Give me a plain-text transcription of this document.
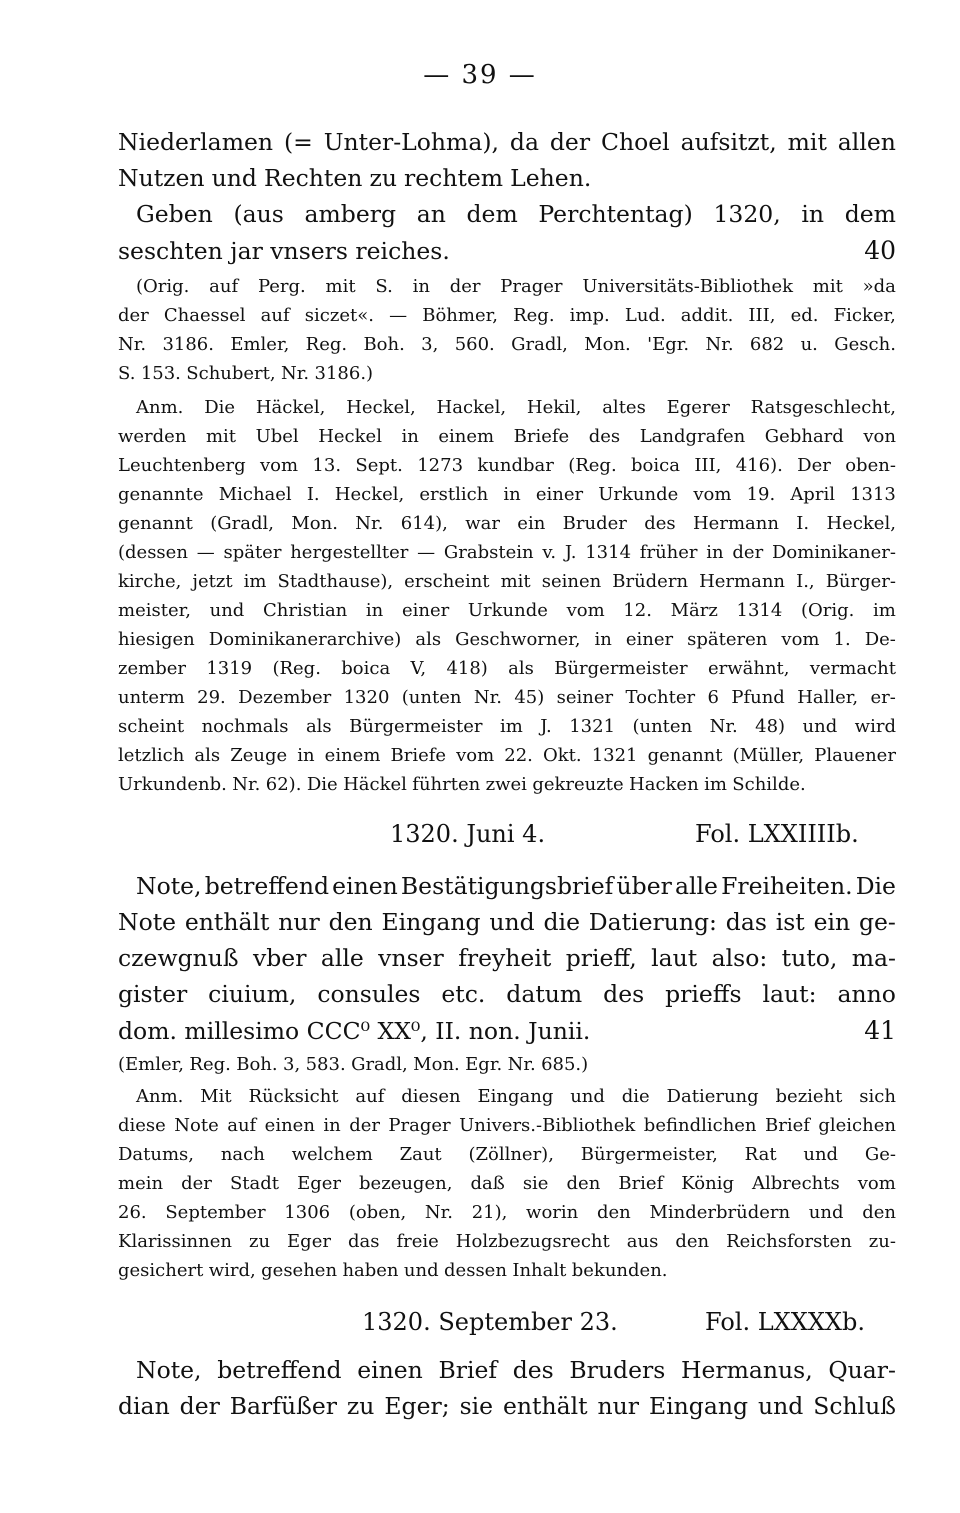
— 39 —
Niederlamen (= Unter-Lohma), da der Choel aufsitzt, mit allen
Nutzen und Rechten zu rechtem Lehen.
Geben (aus amberg an dem Perchtentag) 1320, in dem
seschten jar vnsers reiches.	40
(Orig. auf Perg. mit S. in der Prager Universitäts-Bibliothek mit »da
der Chaessel auf siczet«. — Böhmer, Reg. imp. Lud. addit. III, ed. Ficker,
Nr. 3186. Emler, Reg. Boh. 3, 560. Gradl, Mon. 'Egr. Nr. 682 u. Gesch.
S. 153. Schubert, Nr. 3186.)
Anm. Die Häckel, Heckel, Hackel, Hekil, altes Egerer Ratsgeschlecht,
werden mit Ubel Heckel in einem Briefe des Landgrafen Gebhard von
Leuchtenberg vom 13. Sept. 1273 kundbar (Reg. boica III, 416). Der oben-
genannte Michael I. Heckel, erstlich in einer Urkunde vom 19. April 1313
genannt (Gradl, Mon. Nr. 614), war ein Bruder des Hermann I. Heckel,
(dessen — später hergestellter — Grabstein v. J. 1314 früher in der Dominikaner-
kirche, jetzt im Stadthause), erscheint mit seinen Brüdern Hermann I., Bürger-
meister, und Christian in einer Urkunde vom 12. März 1314 (Orig. im
hiesigen Dominikanerarchive) als Geschworner, in einer späteren vom 1. De-
zember 1319 (Reg. boica V, 418) als Bürgermeister erwähnt, vermacht
unterm 29. Dezember 1320 (unten Nr. 45) seiner Tochter 6 Pfund Haller, er-
scheint nochmals als Bürgermeister im J. 1321 (unten Nr. 48) und wird
letzlich als Zeuge in einem Briefe vom 22. Okt. 1321 genannt (Müller, Plauener
Urkundenb. Nr. 62). Die Häckel führten zwei gekreuzte Hacken im Schilde.
Note, betreffend einen Bestätigungsbrief über alle Freiheiten. Die
Note enthält nur den Eingang und die Datierung: das ist ein ge-
czewgnuß vber alle vnser freyheit prieff, laut also: tuto, ma-
gister ciuium, consules etc. datum des prieffs laut: anno
dom. millesimo CCC⁰ XX⁰, II. non. Junii.	41
(Emler, Reg. Boh. 3, 583. Gradl, Mon. Egr. Nr. 685.)
Anm. Mit Rücksicht auf diesen Eingang und die Datierung bezieht sich
diese Note auf einen in der Prager Univers.-Bibliothek befindlichen Brief gleichen
Datums, nach welchem Zaut (Zöllner), Bürgermeister, Rat und Ge-
mein der Stadt Eger bezeugen, daß sie den Brief König Albrechts vom
26. September 1306 (oben, Nr. 21), worin den Minderbrüdern und den
Klarissinnen zu Eger das freie Holzbezugsrecht aus den Reichsforsten zu-
gesichert wird, gesehen haben und dessen Inhalt bekunden.
Note, betreffend einen Brief des Bruders Hermanus, Quar-
dian der Barfüßer zu Eger; sie enthält nur Eingang und Schluß
1320. Juni 4.	Fol. LXXIIIIb.
1320. September 23.	Fol. LXXXXb.
